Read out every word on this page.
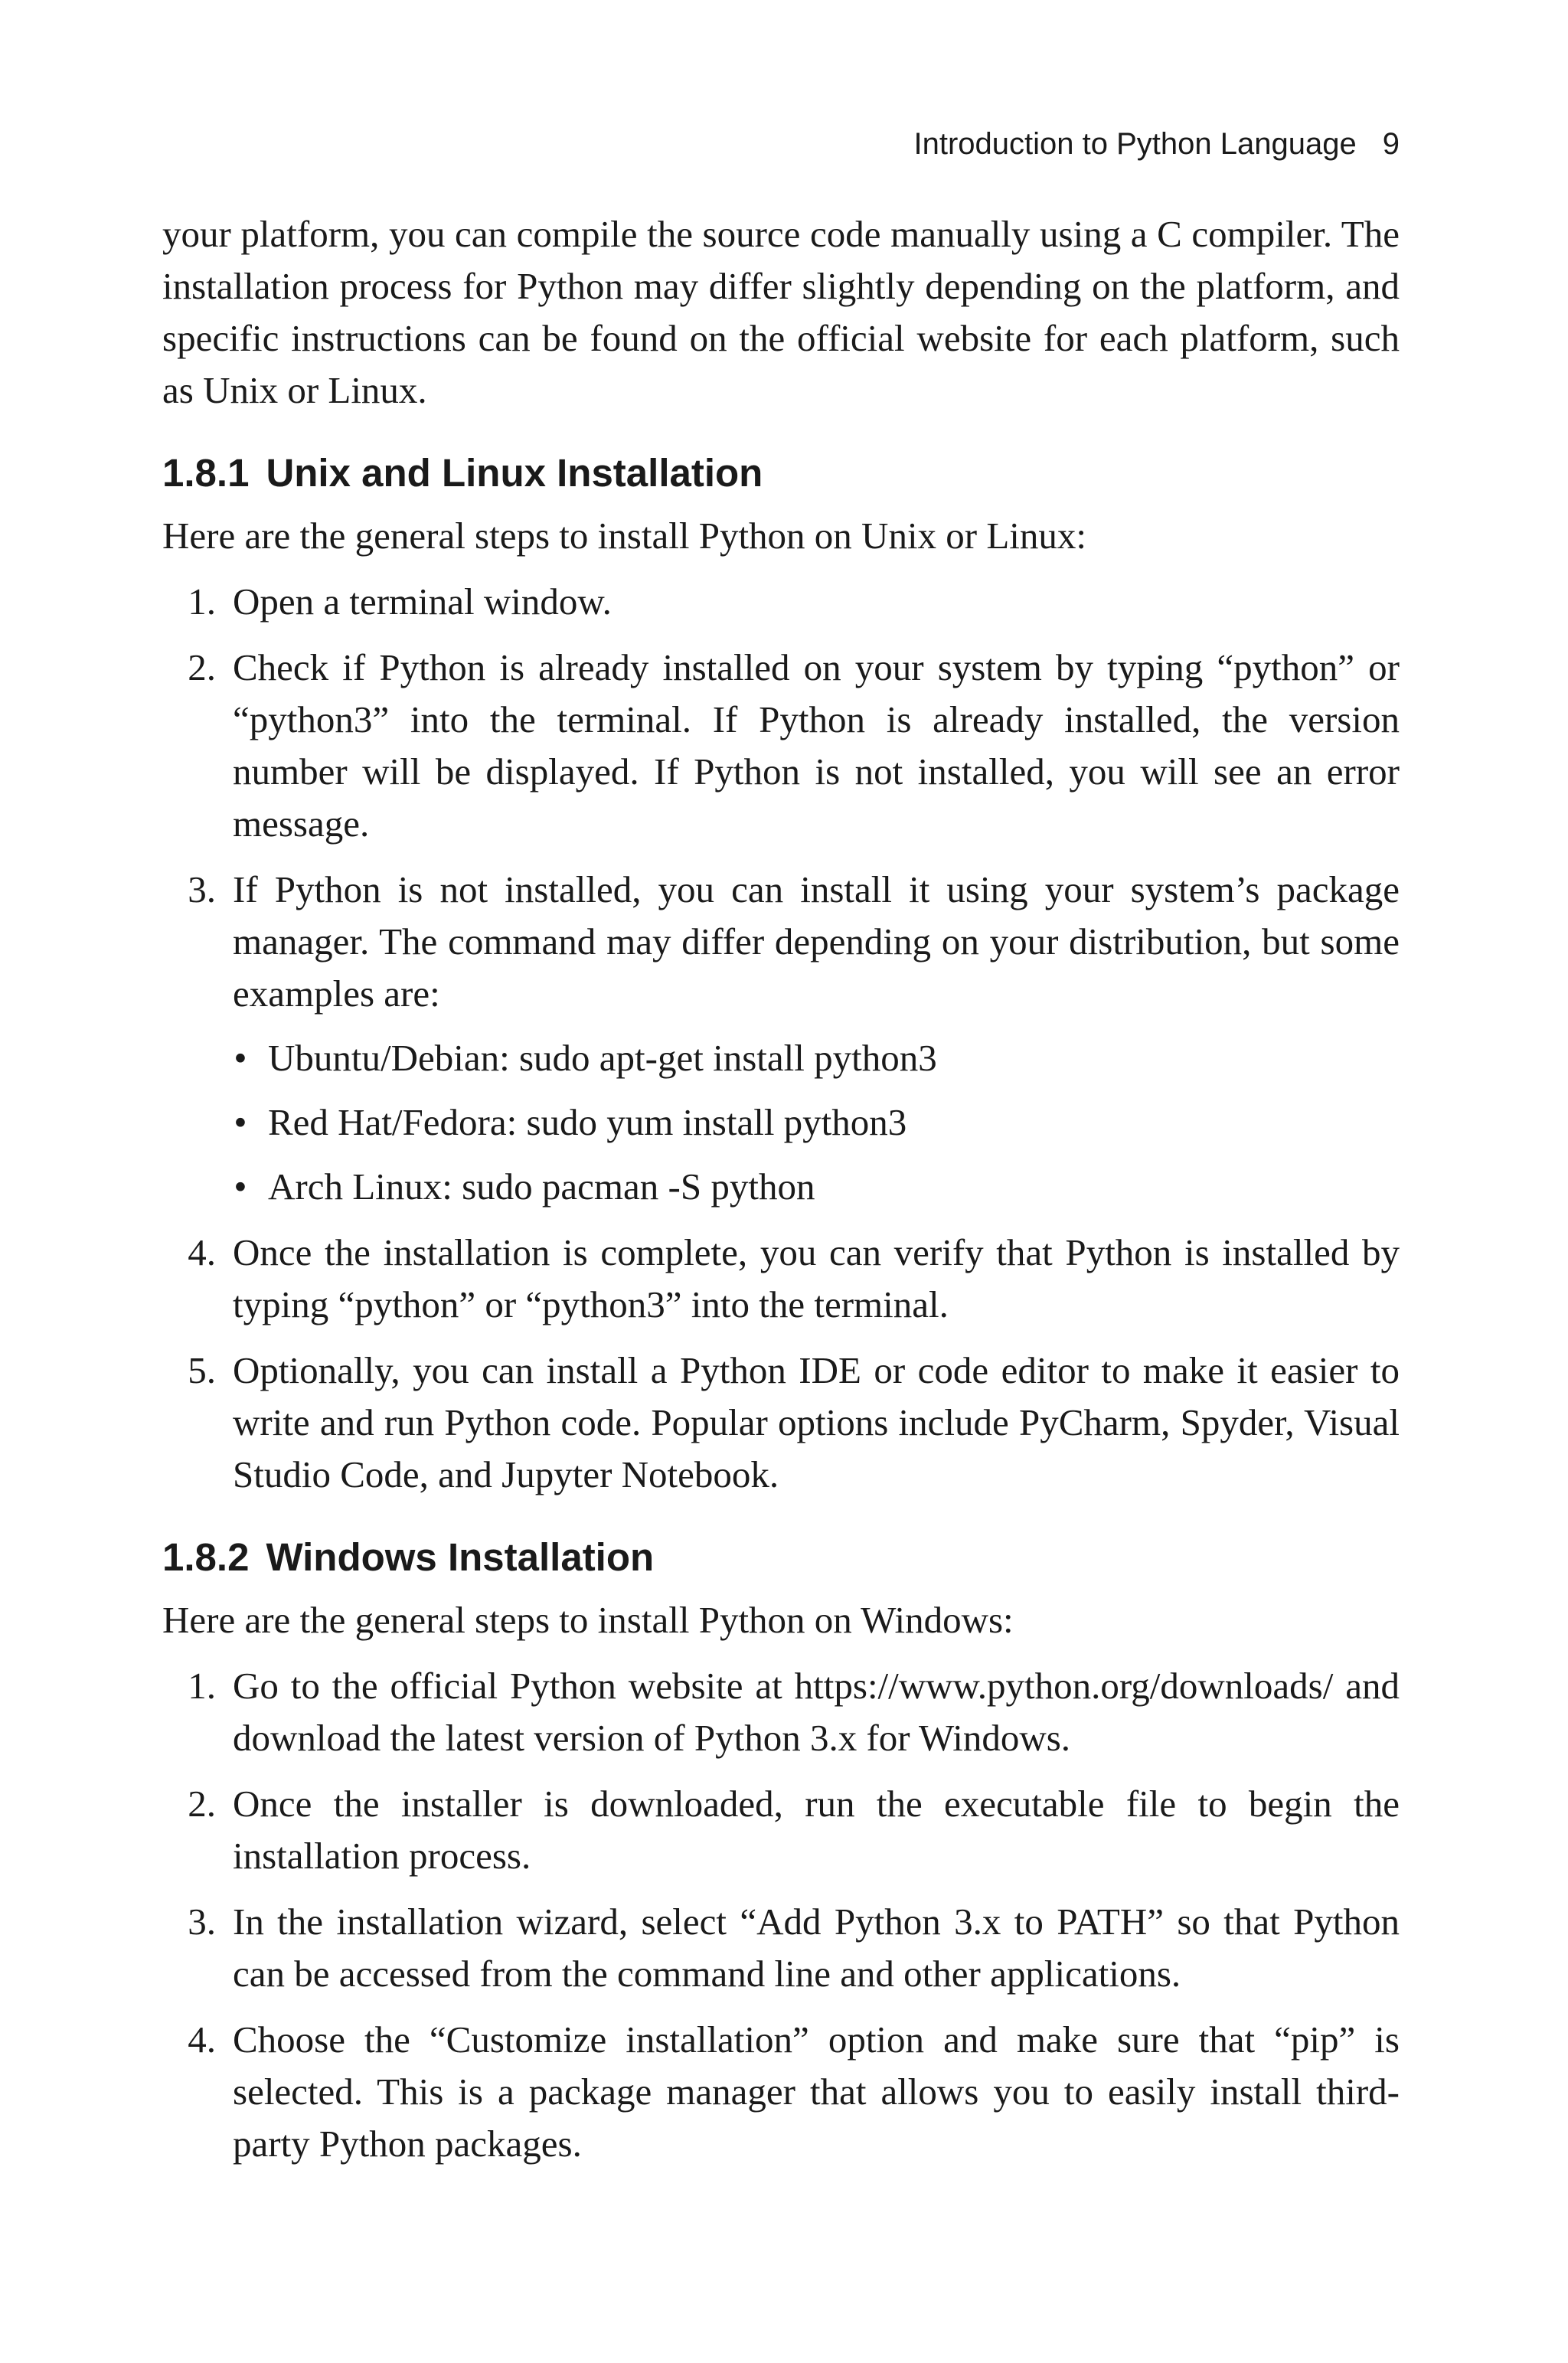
Introduction to Python Language 9

your platform, you can compile the source code manually using a C compiler. The installation process for Python may differ slightly depending on the platform, and specific instructions can be found on the official website for each platform, such as Unix or Linux.

1.8.1 Unix and Linux Installation

Here are the general steps to install Python on Unix or Linux:

1. Open a terminal window.
2. Check if Python is already installed on your system by typing “python” or “python3” into the terminal. If Python is already installed, the version number will be displayed. If Python is not installed, you will see an error message.
3. If Python is not installed, you can install it using your system’s package manager. The command may differ depending on your distribution, but some examples are:
• Ubuntu/Debian: sudo apt-get install python3
• Red Hat/Fedora: sudo yum install python3
• Arch Linux: sudo pacman -S python
4. Once the installation is complete, you can verify that Python is installed by typing “python” or “python3” into the terminal.
5. Optionally, you can install a Python IDE or code editor to make it easier to write and run Python code. Popular options include PyCharm, Spyder, Visual Studio Code, and Jupyter Notebook.
1.8.2 Windows Installation

Here are the general steps to install Python on Windows:

1. Go to the official Python website at https://www.python.org/downloads/ and download the latest version of Python 3.x for Windows.
2. Once the installer is downloaded, run the executable file to begin the installation process.
3. In the installation wizard, select “Add Python 3.x to PATH” so that Python can be accessed from the command line and other applications.
4. Choose the “Customize installation” option and make sure that “pip” is selected. This is a package manager that allows you to easily install third-party Python packages.
